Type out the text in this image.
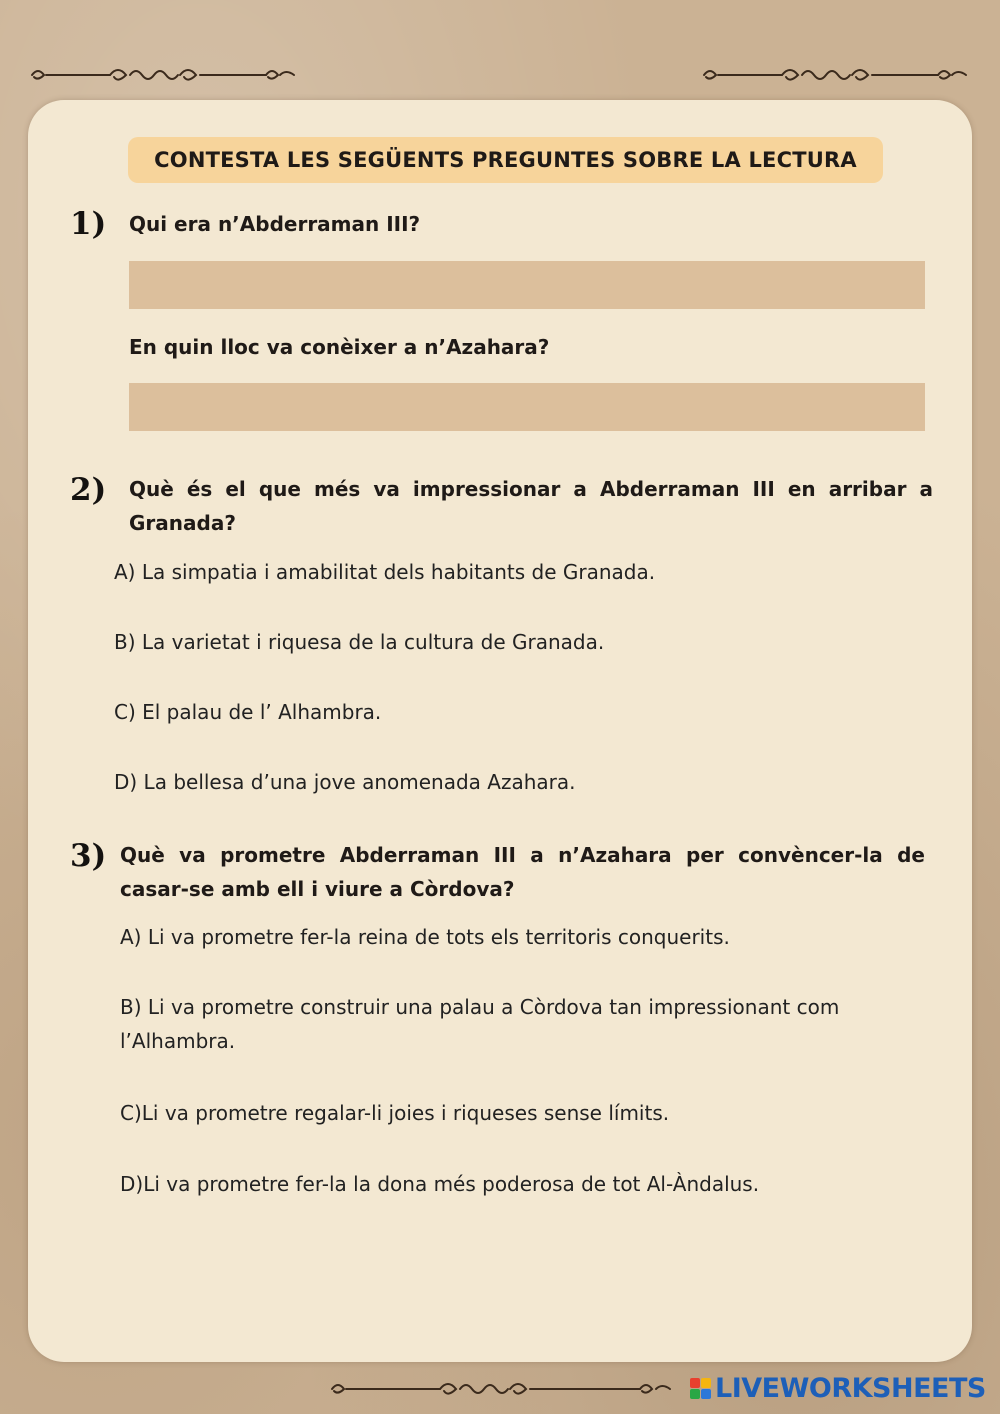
CONTESTA LES SEGÜENTS PREGUNTES SOBRE LA LECTURA
1) Qui era n’Abderraman III?
En quin lloc va conèixer a n’Azahara?
2) Què és el que més va impressionar a Abderraman III en arribar a Granada?
A) La simpatia i amabilitat dels habitants de Granada.
B) La varietat i riquesa de la cultura de Granada.
C) El palau de l’ Alhambra.
D) La bellesa d’una jove anomenada Azahara.
3) Què va prometre Abderraman III a n’Azahara per convèncer-la de casar-se amb ell i viure a Còrdova?
A) Li va prometre fer-la reina de tots els territoris conquerits.
B) Li va prometre construir una palau a Còrdova tan impressionant com l’Alhambra.
C)Li va prometre regalar-li joies i riqueses sense límits.
D)Li va prometre fer-la la dona més poderosa de tot Al-Àndalus.
LIVEWORKSHEETS
